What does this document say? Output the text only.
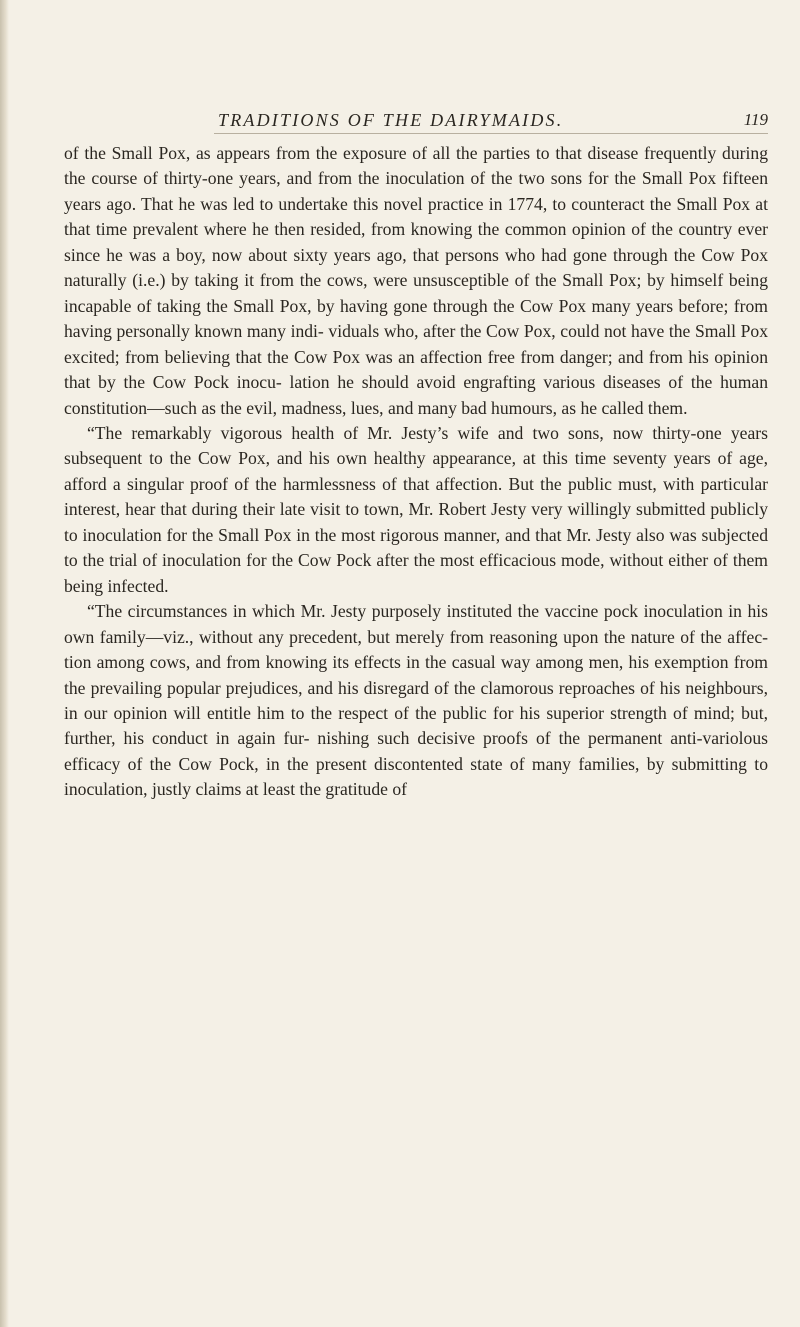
TRADITIONS OF THE DAIRYMAIDS.	119

of the Small Pox, as appears from the exposure of all the parties to that disease frequently during the course of thirty-one years, and from the inoculation of the two sons for the Small Pox fifteen years ago. That he was led to undertake this novel practice in 1774, to counteract the Small Pox at that time prevalent where he then resided, from knowing the common opinion of the country ever since he was a boy, now about sixty years ago, that persons who had gone through the Cow Pox naturally (i.e.) by taking it from the cows, were unsusceptible of the Small Pox; by himself being incapable of taking the Small Pox, by having gone through the Cow Pox many years before; from having personally known many indi- viduals who, after the Cow Pox, could not have the Small Pox excited; from believing that the Cow Pox was an affection free from danger; and from his opinion that by the Cow Pock inocu- lation he should avoid engrafting various diseases of the human constitution—such as the evil, madness, lues, and many bad humours, as he called them.

“The remarkably vigorous health of Mr. Jesty’s wife and two sons, now thirty-one years subsequent to the Cow Pox, and his own healthy appearance, at this time seventy years of age, afford a singular proof of the harmlessness of that affection. But the public must, with particular interest, hear that during their late visit to town, Mr. Robert Jesty very willingly submitted publicly to inoculation for the Small Pox in the most rigorous manner, and that Mr. Jesty also was subjected to the trial of inoculation for the Cow Pock after the most efficacious mode, without either of them being infected.

“The circumstances in which Mr. Jesty purposely instituted the vaccine pock inoculation in his own family—viz., without any precedent, but merely from reasoning upon the nature of the affec- tion among cows, and from knowing its effects in the casual way among men, his exemption from the prevailing popular prejudices, and his disregard of the clamorous reproaches of his neighbours, in our opinion will entitle him to the respect of the public for his superior strength of mind; but, further, his conduct in again fur- nishing such decisive proofs of the permanent anti-variolous efficacy of the Cow Pock, in the present discontented state of many families, by submitting to inoculation, justly claims at least the gratitude of
